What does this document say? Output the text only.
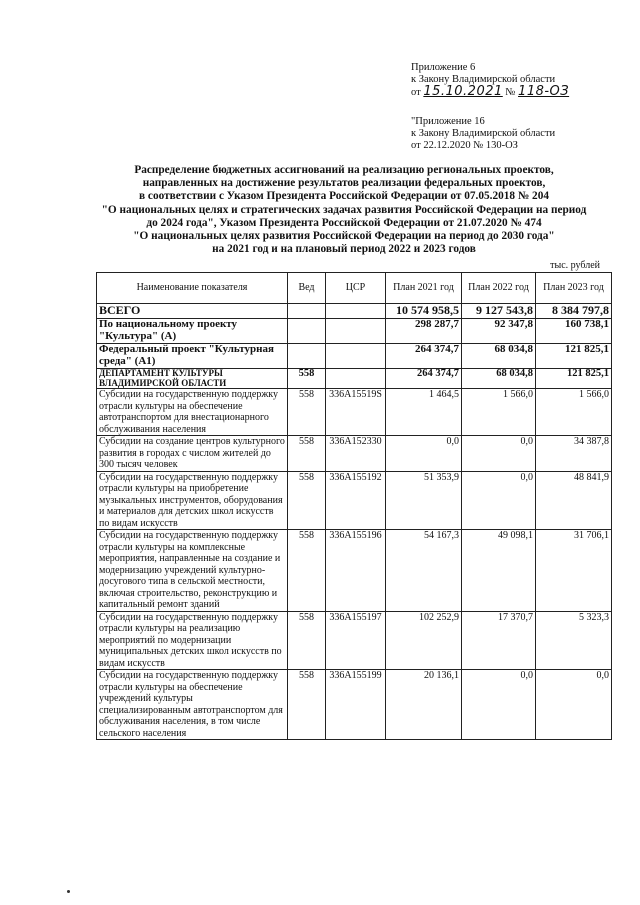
Приложение 6
к Закону Владимирской области
от 15.10.2021 № 118-ОЗ
"Приложение 16
к Закону Владимирской области
от 22.12.2020 № 130-ОЗ
Распределение бюджетных ассигнований на реализацию региональных проектов,
направленных на достижение результатов реализации федеральных проектов,
в соответствии с Указом Президента Российской Федерации от 07.05.2018 № 204
"О национальных целях и стратегических задачах развития Российской Федерации на период
до 2024 года", Указом Президента Российской Федерации от 21.07.2020 № 474
"О национальных целях развития Российской Федерации на период до 2030 года"
на 2021 год и на плановый период 2022 и 2023 годов
тыс. рублей
Наименование показателя	Вед	ЦСР	План 2021 год	План 2022 год	План 2023 год
ВСЕГО			10 574 958,5	9 127 543,8	8 384 797,8
По национальному проекту "Культура" (А)			298 287,7	92 347,8	160 738,1
Федеральный проект "Культурная среда" (А1)			264 374,7	68 034,8	121 825,1
ДЕПАРТАМЕНТ КУЛЬТУРЫ ВЛАДИМИРСКОЙ ОБЛАСТИ	558		264 374,7	68 034,8	121 825,1
Субсидии на государственную поддержку отрасли культуры на обеспечение автотранспортом для внестационарного обслуживания населения	558	336A15519S	1 464,5	1 566,0	1 566,0
Субсидии на создание центров культурного развития в городах с числом жителей до 300 тысяч человек	558	336A152330	0,0	0,0	34 387,8
Субсидии на государственную поддержку отрасли культуры на приобретение музыкальных инструментов, оборудования и материалов для детских школ искусств по видам искусств	558	336A155192	51 353,9	0,0	48 841,9
Субсидии на государственную поддержку отрасли культуры на комплексные мероприятия, направленные на создание и модернизацию учреждений культурно-досугового типа в сельской местности, включая строительство, реконструкцию и капитальный ремонт зданий	558	336A155196	54 167,3	49 098,1	31 706,1
Субсидии на государственную поддержку отрасли культуры на реализацию мероприятий по модернизации муниципальных детских школ искусств по видам искусств	558	336A155197	102 252,9	17 370,7	5 323,3
Субсидии на государственную поддержку отрасли культуры на обеспечение учреждений культуры специализированным автотранспортом для обслуживания населения, в том числе сельского населения	558	336A155199	20 136,1	0,0	0,0
